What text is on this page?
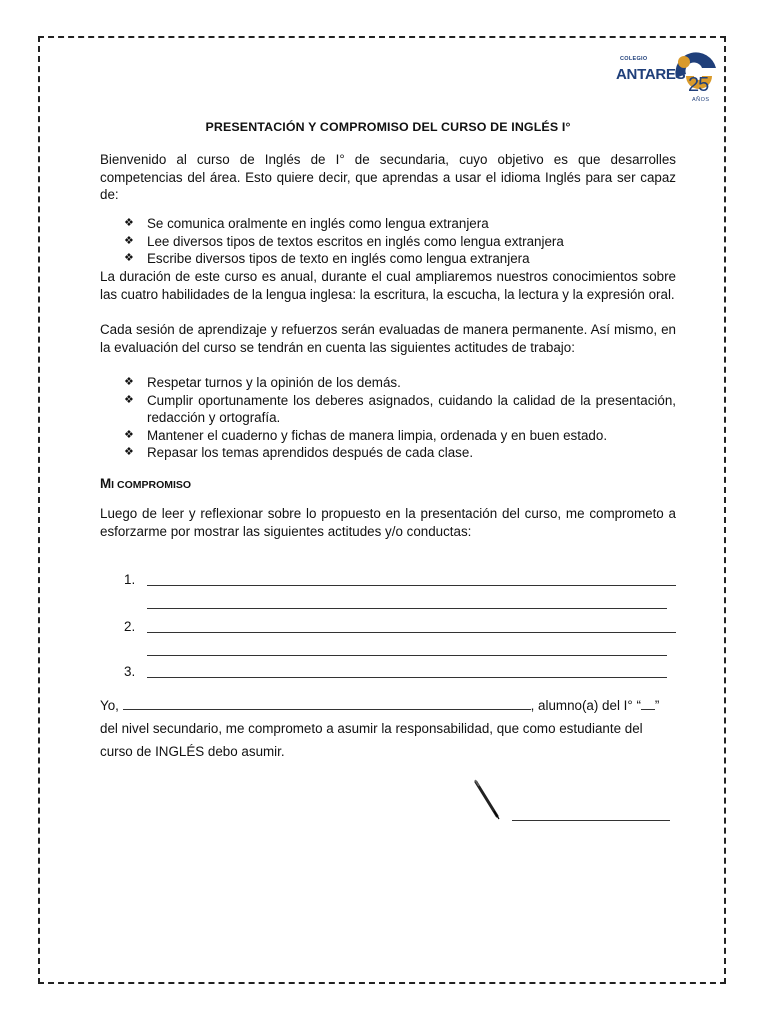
COLEGIO
ANTARES 25
AÑOS
PRESENTACIÓN Y COMPROMISO DEL CURSO DE INGLÉS I°

Bienvenido al curso de Inglés de I° de secundaria, cuyo objetivo es que desarrolles competencias del área. Esto quiere decir, que aprendas a usar el idioma Inglés para ser capaz de:

❖ Se comunica oralmente en inglés como lengua extranjera
❖ Lee diversos tipos de textos escritos en inglés como lengua extranjera
❖ Escribe diversos tipos de texto en inglés como lengua extranjera

La duración de este curso es anual, durante el cual ampliaremos nuestros conocimientos sobre las cuatro habilidades de la lengua inglesa: la escritura, la escucha, la lectura y la expresión oral.

Cada sesión de aprendizaje y refuerzos serán evaluadas de manera permanente. Así mismo, en la evaluación del curso se tendrán en cuenta las siguientes actitudes de trabajo:

❖ Respetar turnos y la opinión de los demás.
❖ Cumplir oportunamente los deberes asignados, cuidando la calidad de la presentación, redacción y ortografía.
❖ Mantener el cuaderno y fichas de manera limpia, ordenada y en buen estado.
❖ Repasar los temas aprendidos después de cada clase.
MI COMPROMISO

Luego de leer y reflexionar sobre lo propuesto en la presentación del curso, me comprometo a esforzarme por mostrar las siguientes actitudes y/o conductas:

1.
2.
3.
Yo,	, alumno(a) del I° “ ”
del nivel secundario, me comprometo a asumir la responsabilidad, que como estudiante del
curso de INGLÉS debo asumir.
